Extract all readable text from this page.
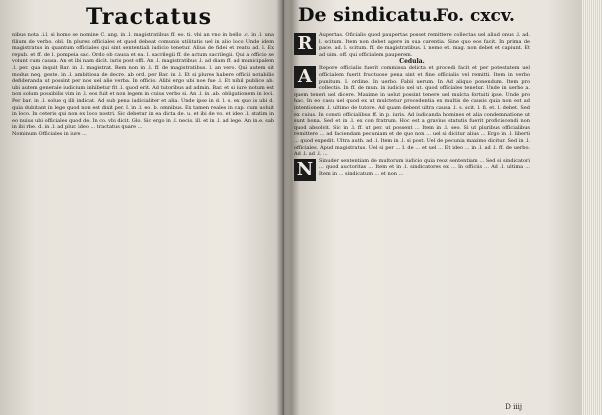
Tractatus

nibus nota .i.l. si homo se nomine C. ang. in .l. magistratibus ff. eo. ti. vbi an vno in bello .c. in .l. una filium de verbo. obl. In plures officiales et quod debeat comunis utilitatis uel in alio loco Unde idem magistratus in quantum officiales qui sint sententiali iudicio tenetur. Alius de fidei et reatu ad. l. Ex repub. et ff. de l. pompeia sac. Ordo ob causa et ea. l. sacrilegii ff. de actum sacrilegii. Qui a officio se volunt cum causa. An et ibi nam dicit. iuris post offi. An .l. magistratibus .l. ad diam ff. ad municipalem .l. per. qua inquit Bar. in .l. magistrat. Rem non in .l. ff. de magistratibus. l. an vero. Qui autem sit modus neq. geste. in .l. ambitiosa de decre. ab ord. per Bar. in .l. Et si plures habere officii notabilis defideranda ut possint per nos uel alie verba. In officio. Alibi ergo ubi noe fue .l. Et nihil publice ab. ubi autem generale iudicium inhibetur fit .l. quod erit. Ad tutoribus ad admin. Bar. et si iure notum est non solum possibilis vim in .l. eos fuit et non legem in cuius verbo si. An .l. in .ab. obligationem in loci. Per bar. in .l. solue q illi indicat. Ad sub pena iudicialiter et alia. Unde ipse in d. l. s. ex quo is ubi d. quia dubitant in lege quod non est dixit per. I. in .l. eo. b. omnibus. Ex tamen reales in cap. cum uoluit in loco. In ceteris qui non ex loco nostri. Sic debetur in ea dicta de. u. et ibi de vo. et ideo .l. statim in eo nuius ubi officiales quod de. In co. vbi dicit. Glo. Sic ergo in .l. necis. ill. et in .l. ad lege. An in.e. sab in ibi rbe. d. in .l. ad plur. ideo ... tractatus quare ...

Nominum Officiales in iure ...

De sindicatu.
Fo. cxcv.

R	Aupertas. Oficialis quod paupertas posset remittere collectas uel aliud onus .l. ad. l. scitum. Item non debet agere in sua carentia. Sine quo eos facit. In prima de pace. ad. l. scitum. ff. de magistratibus. l. nemo et. mag. non debet et capiunt. Et ad uim. off. qui officialem pauperem.

Cedula.

A	Itepore officialis fuerit commissa delicta et procedi facit et per potestatem uel officialem fuerit fructuose pena sint et fine officialis vel remitti. Item in verbo punitum. I. ordine. In uerbo. Fabii uerum. In Ad aliquo ponendum. Item pro collectis. In ff. de mun. in iudicio uel ut. quod officiales tenetur. Unde in uerbo a. quem teneri uel dicere. Maxime in uelut possint tenere uel mulcta fortuiti ipse. Unde pro hac. In eo casu uel quod ex ut mulctetur procedentia ex multis de causis quia non est ad intentionem .l. ultimo de tutore. Ad quam debent ultra causa .l. s. scit. l. fi. et. l. debet. Sed ex cuius. In consti officialibus ff. in p. iuris. Ad iudicanda homines et alia condemnatione ut sunt bona. Sed et in .l. ex con fratrum. Hoc est a gravius statutis fuerit proficiscendi non quod absolvit. Sic in .l. ff. ut per. ut possent ... Item in .l. seo. Si ut pluribus officialibus remittere ... ad faciendam pecuniam et de quo non ... uel si dicitur alius ... Ergo in .l. liberti ... quod expedit. Ultra auth. ad .l. Item in .l. si post. Uel de pecunia maximo dicitur. Sed in .l. officiales. Apud magistratus. Uel si per ... I. de ... et uel ... Et ideo ... in .l. ad .l. ff. de uerbo. Ad .l. ad .l. ...

N	Sinuder sententiam de multorum iudicio quia reoz sententiam ... Sed si sindicatori ... quod auctoritas ... Item et in .l. sindicatores ex ... In officiis ... Ad .l. ultima ... Item in ... sindicatum ... et non ...

D iiij
